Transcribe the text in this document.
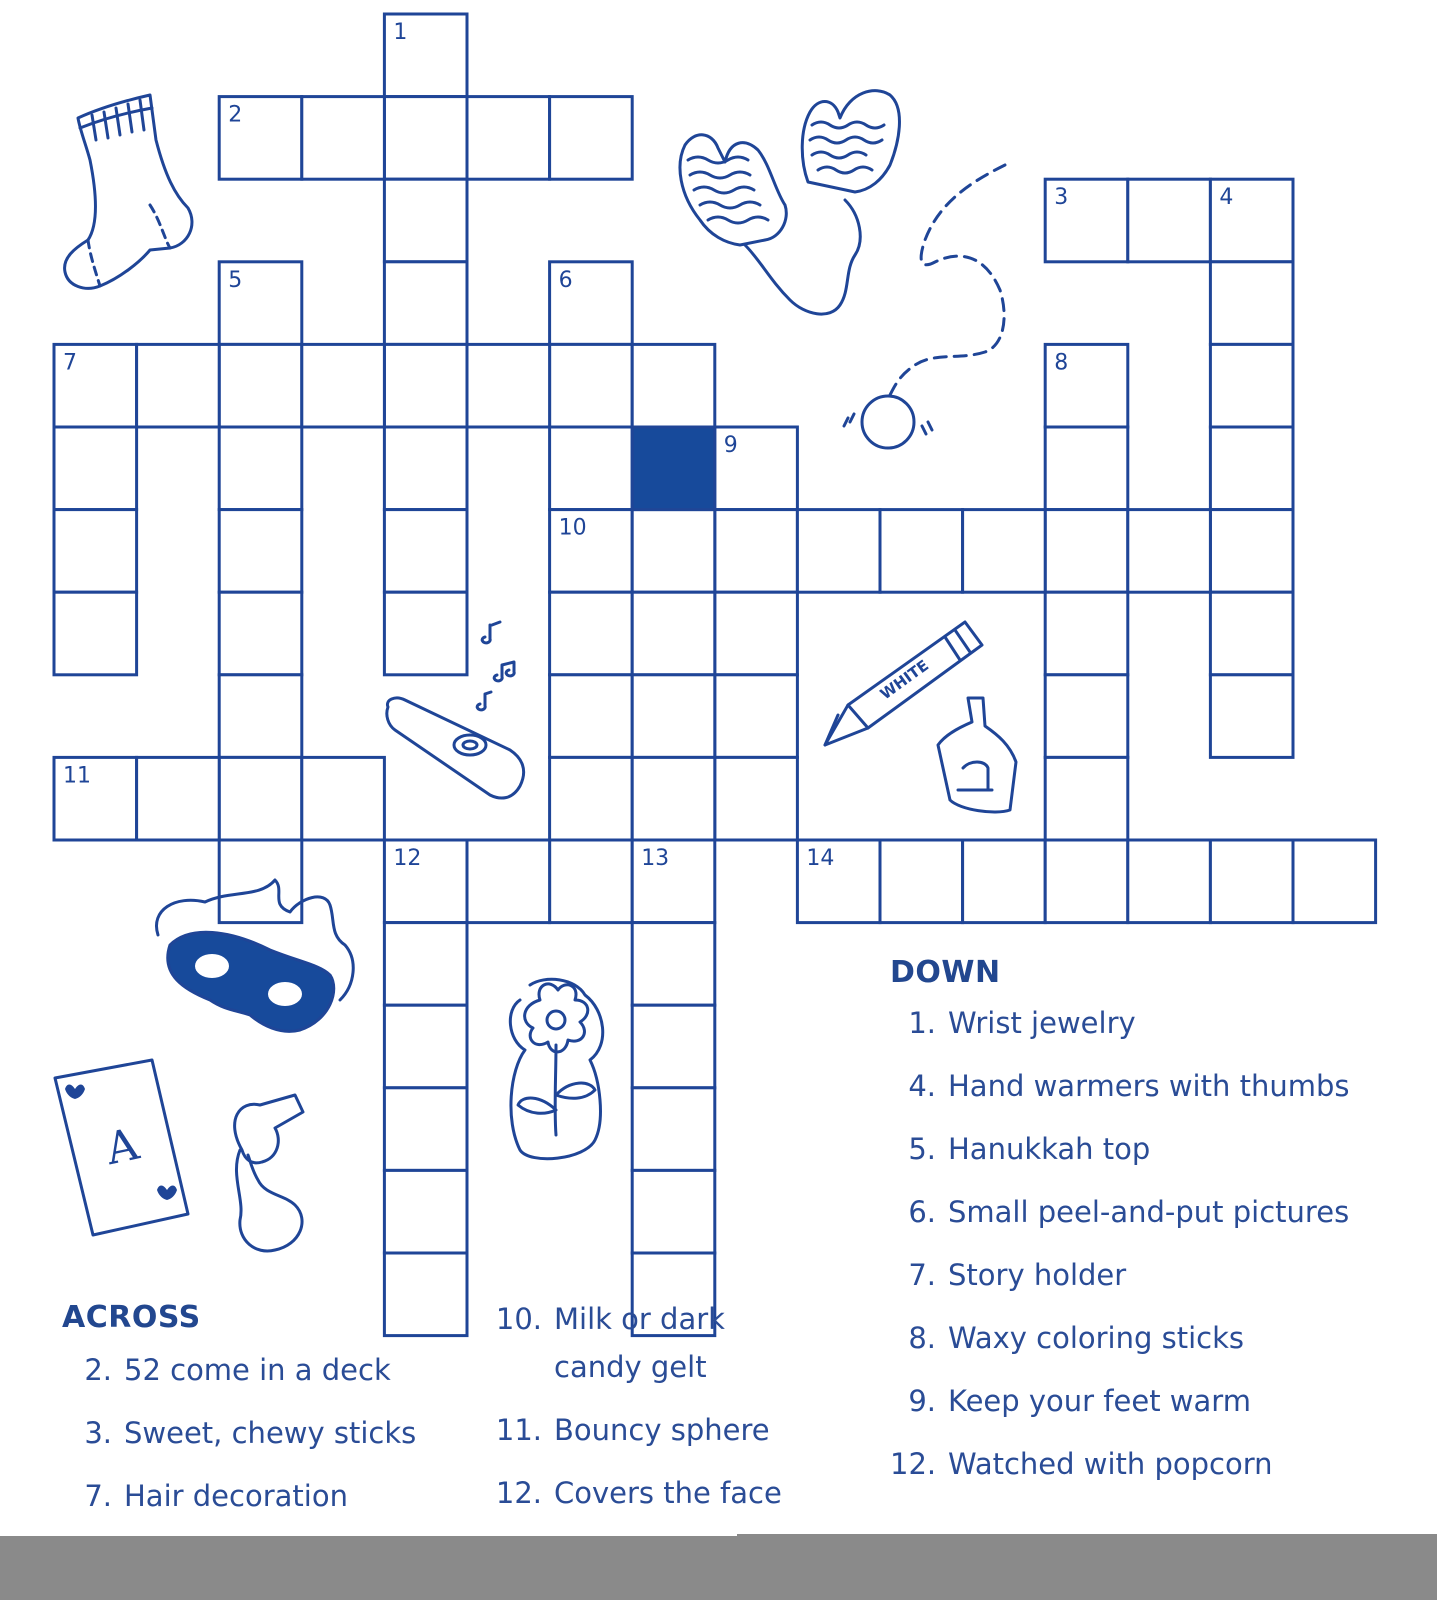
1
2
3	4
5	6
7	8
9
10
11
12	13	14
WHITE
A
ACROSS
2. 52 come in a deck
3. Sweet, chewy sticks
7. Hair decoration
10. Milk or dark candy gelt
11. Bouncy sphere
12. Covers the face
DOWN
1. Wrist jewelry
4. Hand warmers with thumbs
5. Hanukkah top
6. Small peel-and-put pictures
7. Story holder
8. Waxy coloring sticks
9. Keep your feet warm
12. Watched with popcorn
